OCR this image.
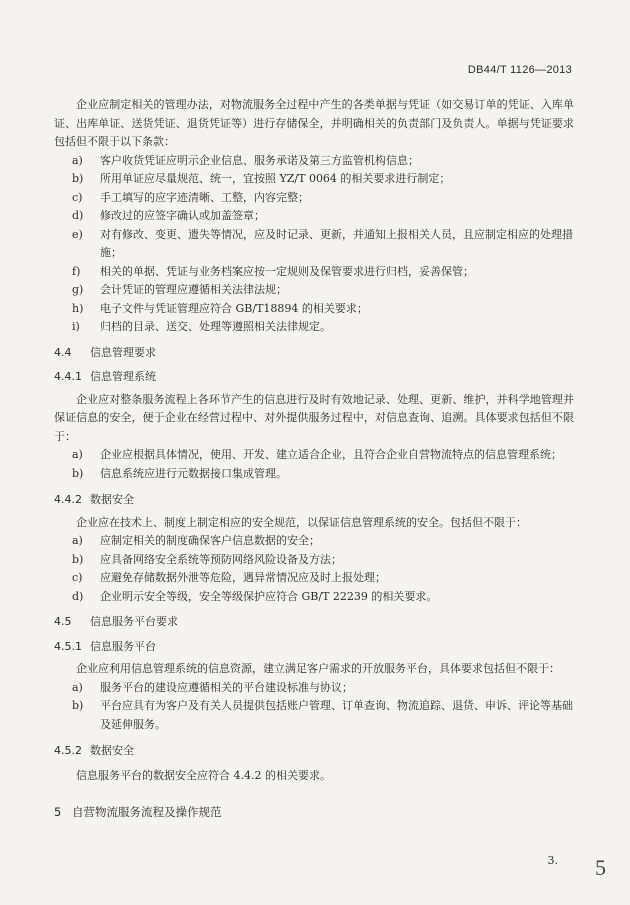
DB44/T 1126—2013

企业应制定相关的管理办法，对物流服务全过程中产生的各类单据与凭证（如交易订单的凭证、入库单证、出库单证、送货凭证、退货凭证等）进行存储保全，并明确相关的负责部门及负责人。单据与凭证要求包括但不限于以下条款：

a)	客户收货凭证应明示企业信息、服务承诺及第三方监管机构信息；
b)	所用单证应尽量规范、统一，宜按照 YZ/T 0064 的相关要求进行制定；
c)	手工填写的应字迹清晰、工整，内容完整；
d)	修改过的应签字确认或加盖签章；
e)	对有修改、变更、遗失等情况，应及时记录、更新，并通知上报相关人员，且应制定相应的处理措施；
f)	相关的单据、凭证与业务档案应按一定规则及保管要求进行归档，妥善保管；
g)	会计凭证的管理应遵循相关法律法规；
h)	电子文件与凭证管理应符合 GB/T18894 的相关要求；
i)	归档的目录、送交、处理等遵照相关法律规定。
4.4 信息管理要求
4.4.1 信息管理系统

企业应对整条服务流程上各环节产生的信息进行及时有效地记录、处理、更新、维护，并科学地管理并保证信息的安全，便于企业在经营过程中、对外提供服务过程中，对信息查询、追溯。具体要求包括但不限于：

a)	企业应根据具体情况，使用、开发、建立适合企业，且符合企业自营物流特点的信息管理系统；
b)	信息系统应进行元数据接口集成管理。
4.4.2 数据安全

企业应在技术上、制度上制定相应的安全规范，以保证信息管理系统的安全。包括但不限于：

a)	应制定相关的制度确保客户信息数据的安全；
b)	应具备网络安全系统等预防网络风险设备及方法；
c)	应避免存储数据外泄等危险，遇异常情况应及时上报处理；
d)	企业明示安全等级，安全等级保护应符合 GB/T 22239 的相关要求。
4.5 信息服务平台要求
4.5.1 信息服务平台

企业应利用信息管理系统的信息资源，建立满足客户需求的开放服务平台，具体要求包括但不限于：

a)	服务平台的建设应遵循相关的平台建设标准与协议；
b)	平台应具有为客户及有关人员提供包括账户管理、订单查询、物流追踪、退货、申诉、评论等基础及延伸服务。
4.5.2 数据安全

信息服务平台的数据安全应符合 4.4.2 的相关要求。

5 自营物流服务流程及操作规范
3. 5
